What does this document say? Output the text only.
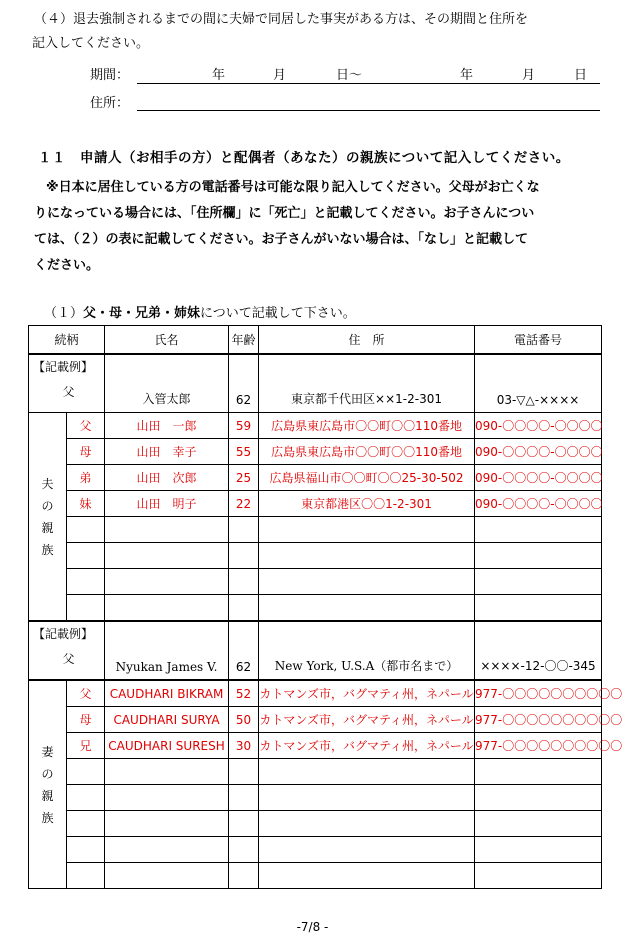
（４）退去強制されるまでの間に夫婦で同居した事実がある方は、その期間と住所を
記入してください。
期間：	年	月	日～	年	月	日
住所：
１１　申請人（お相手の方）と配偶者（あなた）の親族について記入してください。
※日本に居住している方の電話番号は可能な限り記入してください。父母がお亡くな
りになっている場合には、「住所欄」に「死亡」と記載してください。お子さんについ
ては、（２）の表に記載してください。お子さんがいない場合は、「なし」と記載して
ください。
（１）父・母・兄弟・姉妹について記載して下さい。
続柄		氏名	年齢	住　所	電話番号

【記載例】
父		入管太郎	62	東京都千代田区××1-2-301	03-▽△-××××
夫
の
親
族	父	山田　一郎	59	広島県東広島市〇〇町〇〇110番地	090-〇〇〇〇-〇〇〇〇
	母	山田　幸子	55	広島県東広島市〇〇町〇〇110番地	090-〇〇〇〇-〇〇〇〇
	弟	山田　次郎	25	広島県福山市〇〇町〇〇25-30-502	090-〇〇〇〇-〇〇〇〇
	妹	山田　明子	22	東京都港区〇〇1-2-301	090-〇〇〇〇-〇〇〇〇

【記載例】
父		Nyukan James V.	62	New York, U.S.A（都市名まで）	××××-12-〇〇-345
妻
の
親
族	父	CAUDHARI BIKRAM	52	カトマンズ市，バグマティ州，ネパール	977-〇〇〇〇〇〇〇〇〇〇
	母	CAUDHARI SURYA	50	カトマンズ市，バグマティ州，ネパール	977-〇〇〇〇〇〇〇〇〇〇
	兄	CAUDHARI SURESH	30	カトマンズ市，バグマティ州，ネパール	977-〇〇〇〇〇〇〇〇〇〇

-7/8 -
